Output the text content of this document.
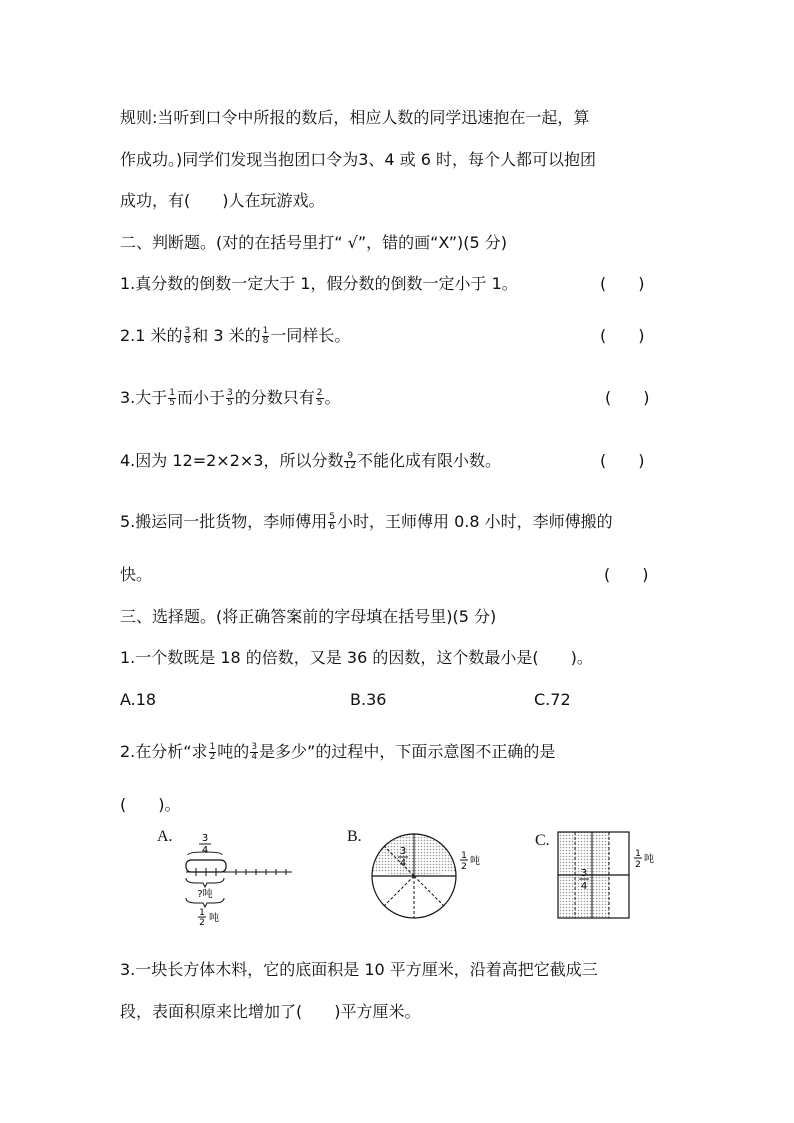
规则:当听到口令中所报的数后，相应人数的同学迅速抱在一起，算
作成功。)同学们发现当抱团口令为3、4 或 6 时，每个人都可以抱团
成功，有(　　)人在玩游戏。
二、判断题。(对的在括号里打“ √”，错的画“X”)(5 分)
1.真分数的倒数一定大于 1，假分数的倒数一定小于 1。	(　　)
2.1 米的 $\frac{3}{8}$ 和 3 米的 $\frac{1}{8}$ 一同样长。	(　　)
3.大于 $\frac{1}{5}$ 而小于 $\frac{3}{5}$ 的分数只有 $\frac{2}{5}$ 。	(　　)
4.因为 12=2×2×3，所以分数 $\frac{9}{12}$ 不能化成有限小数。	(　　)
5.搬运同一批货物，李师傅用 $\frac{5}{6}$ 小时，王师傅用 0.8 小时，李师傅搬的
快。	(　　)
三、选择题。(将正确答案前的字母填在括号里)(5 分)
1.一个数既是 18 的倍数，又是 36 的因数，这个数最小是(　　)。
A.18	B.36	C.72
2.在分析“求 $\frac{1}{2}$ 吨的 $\frac{3}{4}$ 是多少”的过程中，下面示意图不正确的是
(　　)。
A.	3
4
?吨
1
2 吨
B.
3
4
1
2 吨
C.
3
4
1
2 吨
3.一块长方体木料，它的底面积是 10 平方厘米，沿着高把它截成三
段，表面积原来比增加了(　　)平方厘米。
